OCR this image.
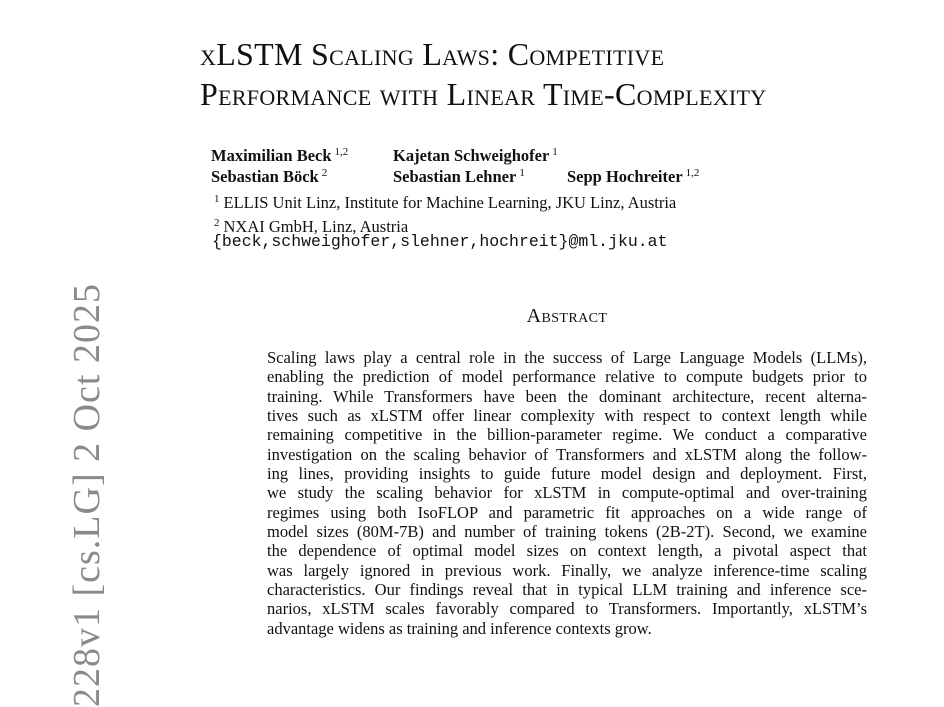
xLSTM Scaling Laws: Competitive
Performance with Linear Time-Complexity
Maximilian Beck $^{1,2}$	Kajetan Schweighofer $^1$
Sebastian Böck $^2$	Sebastian Lehner $^1$	Sepp Hochreiter $^{1,2}$
$^1$ ELLIS Unit Linz, Institute for Machine Learning, JKU Linz, Austria
$^2$ NXAI GmbH, Linz, Austria
{beck,schweighofer,slehner,hochreit}@ml.jku.at
Abstract
Scaling laws play a central role in the success of Large Language Models (LLMs),
enabling the prediction of model performance relative to compute budgets prior to
training. While Transformers have been the dominant architecture, recent alterna-
tives such as xLSTM offer linear complexity with respect to context length while
remaining competitive in the billion-parameter regime. We conduct a comparative
investigation on the scaling behavior of Transformers and xLSTM along the follow-
ing lines, providing insights to guide future model design and deployment. First,
we study the scaling behavior for xLSTM in compute-optimal and over-training
regimes using both IsoFLOP and parametric fit approaches on a wide range of
model sizes (80M-7B) and number of training tokens (2B-2T). Second, we examine
the dependence of optimal model sizes on context length, a pivotal aspect that
was largely ignored in previous work. Finally, we analyze inference-time scaling
characteristics. Our findings reveal that in typical LLM training and inference sce-
narios, xLSTM scales favorably compared to Transformers. Importantly, xLSTM’s
advantage widens as training and inference contexts grow.
228v1 [cs.LG] 2 Oct 2025
